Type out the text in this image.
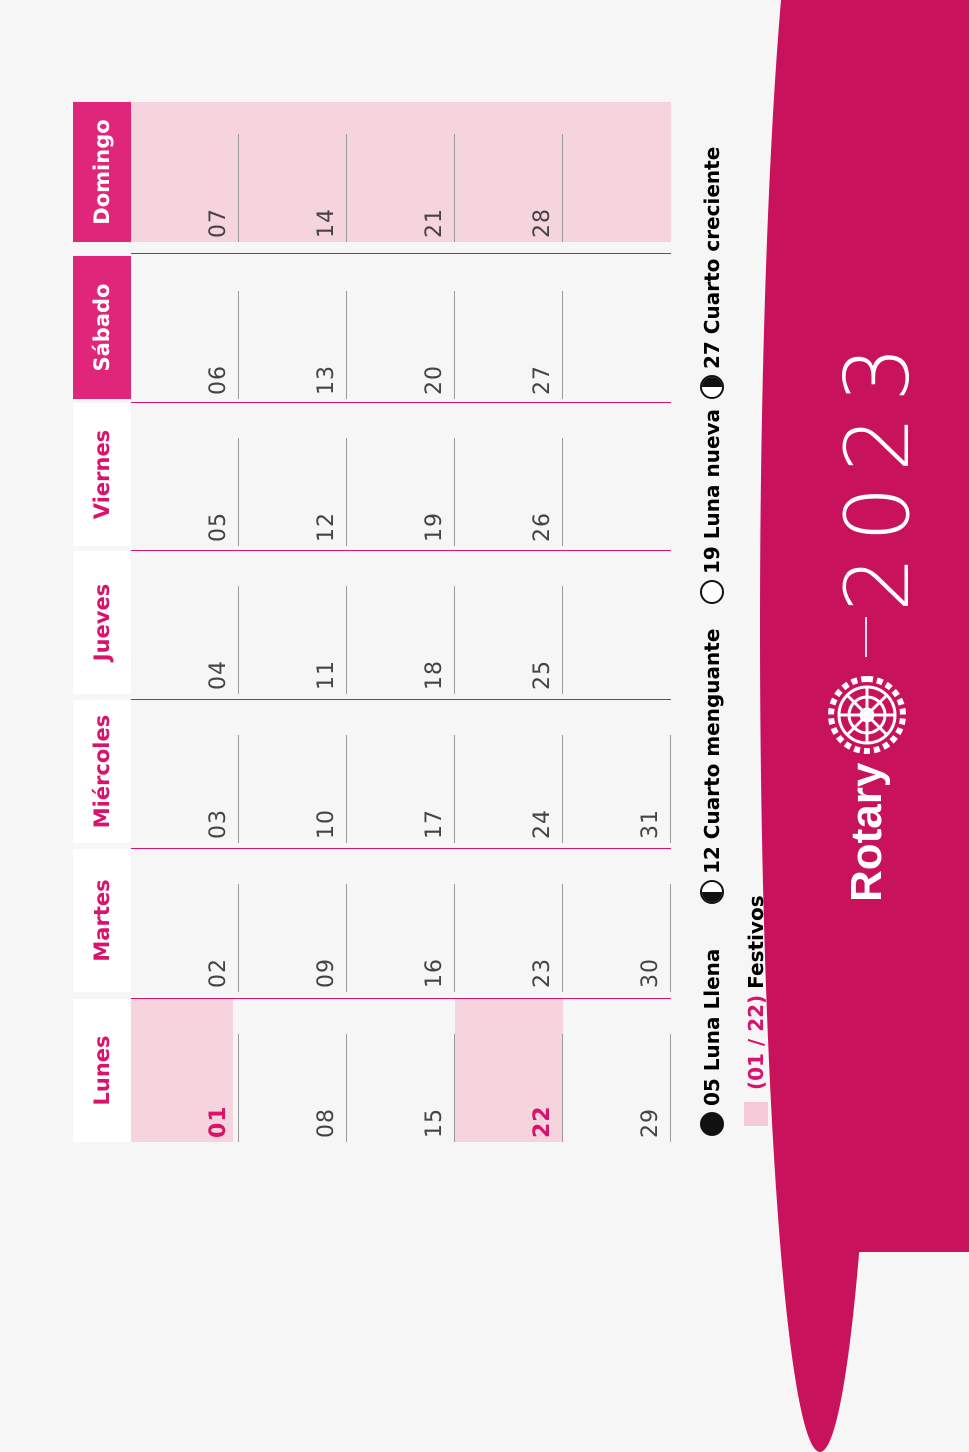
Lunes
Martes
Miércoles
Jueves
Viernes
Sábado
Domingo
01
02
03
04
05
06
07
08
09
10
11
12
13
14
15
16
17
18
19
20
21
22
23
24
25
26
27
28
29
30
31
05 Luna Llena
12 Cuarto menguante
19 Luna nueva
27 Cuarto creciente
(01 / 22)
Festivos
Rotary
2023
